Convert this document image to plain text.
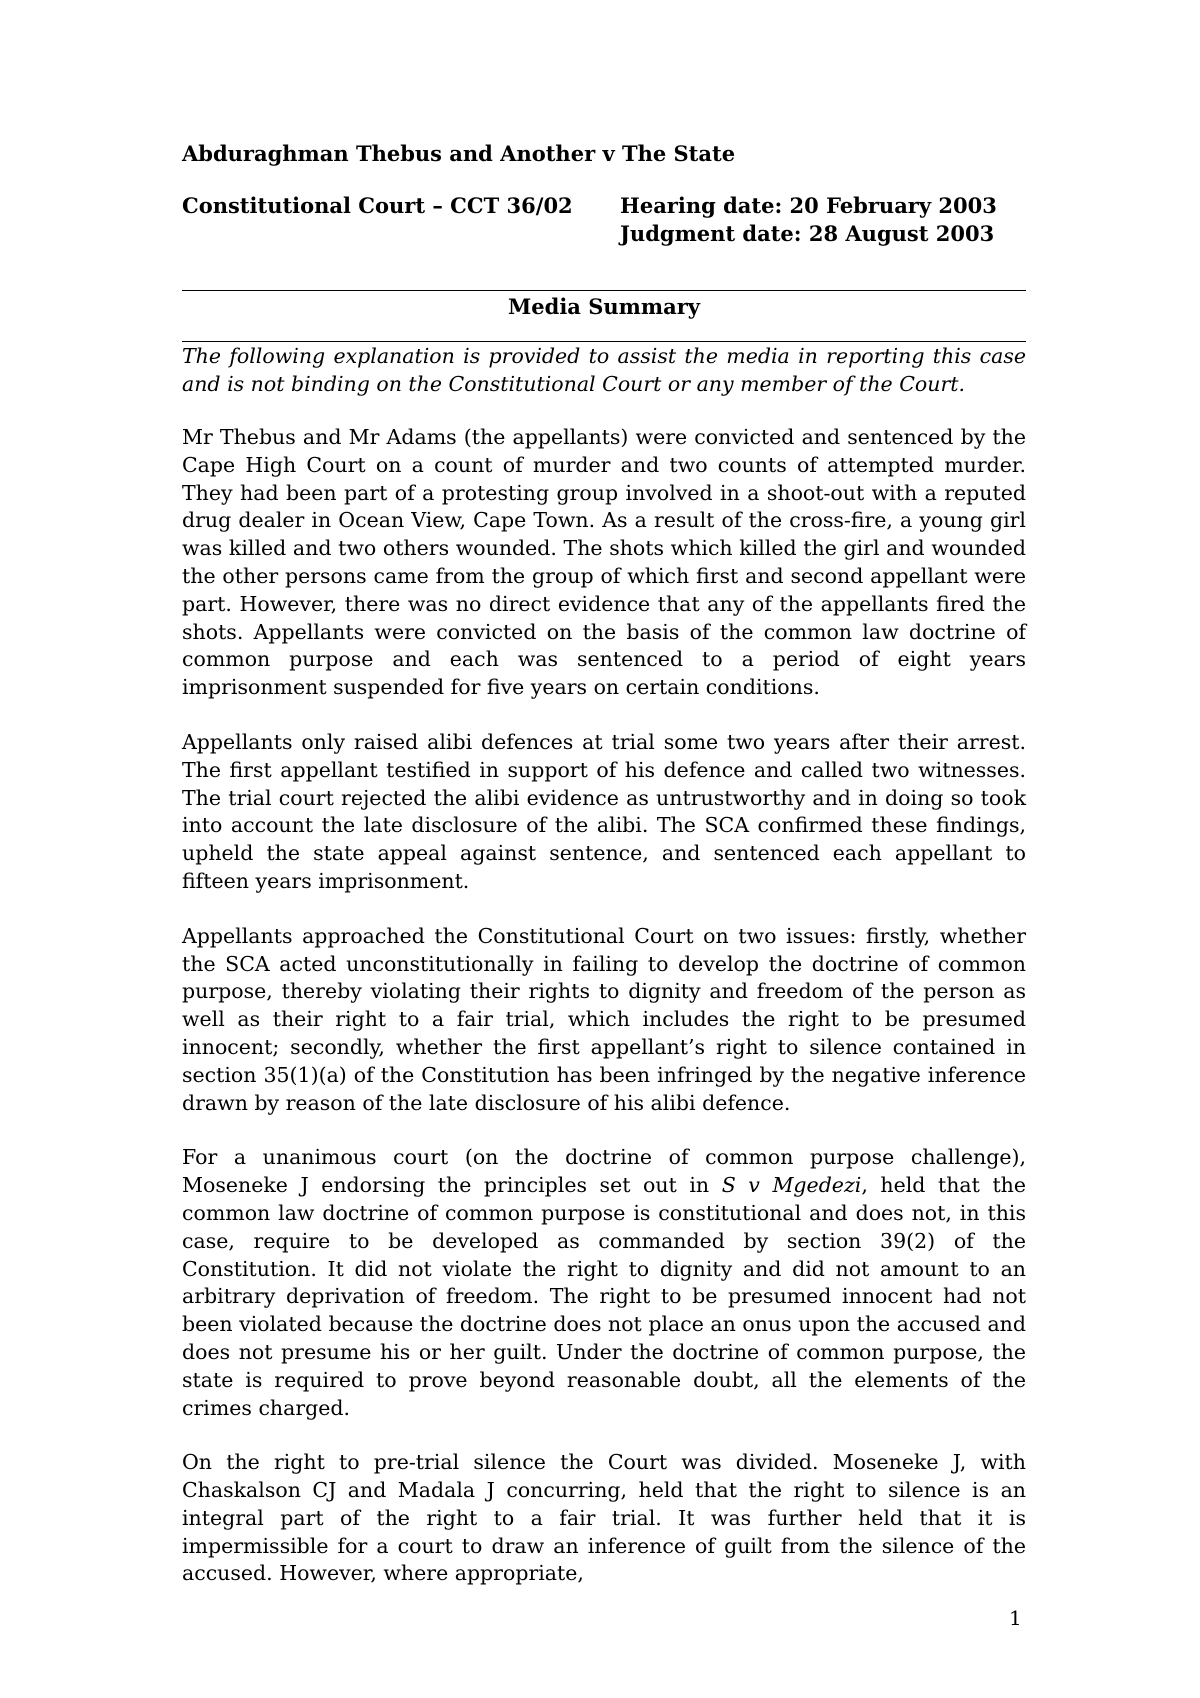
Abduraghman Thebus and Another v The State
Constitutional Court – CCT 36/02	Hearing date: 20 February 2003
Judgment date: 28 August 2003
Media Summary

The following explanation is provided to assist the media in reporting this case and is not binding on the Constitutional Court or any member of the Court.

Mr Thebus and Mr Adams (the appellants) were convicted and sentenced by the Cape High Court on a count of murder and two counts of attempted murder. They had been part of a protesting group involved in a shoot-out with a reputed drug dealer in Ocean View, Cape Town. As a result of the cross-fire, a young girl was killed and two others wounded. The shots which killed the girl and wounded the other persons came from the group of which first and second appellant were part. However, there was no direct evidence that any of the appellants fired the shots. Appellants were convicted on the basis of the common law doctrine of common purpose and each was sentenced to a period of eight years imprisonment suspended for five years on certain conditions.

Appellants only raised alibi defences at trial some two years after their arrest. The first appellant testified in support of his defence and called two witnesses. The trial court rejected the alibi evidence as untrustworthy and in doing so took into account the late disclosure of the alibi. The SCA confirmed these findings, upheld the state appeal against sentence, and sentenced each appellant to fifteen years imprisonment.

Appellants approached the Constitutional Court on two issues: firstly, whether the SCA acted unconstitutionally in failing to develop the doctrine of common purpose, thereby violating their rights to dignity and freedom of the person as well as their right to a fair trial, which includes the right to be presumed innocent; secondly, whether the first appellant’s right to silence contained in section 35(1)(a) of the Constitution has been infringed by the negative inference drawn by reason of the late disclosure of his alibi defence.

For a unanimous court (on the doctrine of common purpose challenge), Moseneke J endorsing the principles set out in S v Mgedezi, held that the common law doctrine of common purpose is constitutional and does not, in this case, require to be developed as commanded by section 39(2) of the Constitution. It did not violate the right to dignity and did not amount to an arbitrary deprivation of freedom. The right to be presumed innocent had not been violated because the doctrine does not place an onus upon the accused and does not presume his or her guilt. Under the doctrine of common purpose, the state is required to prove beyond reasonable doubt, all the elements of the crimes charged.

On the right to pre-trial silence the Court was divided. Moseneke J, with Chaskalson CJ and Madala J concurring, held that the right to silence is an integral part of the right to a fair trial. It was further held that it is impermissible for a court to draw an inference of guilt from the silence of the accused. However, where appropriate,

1
